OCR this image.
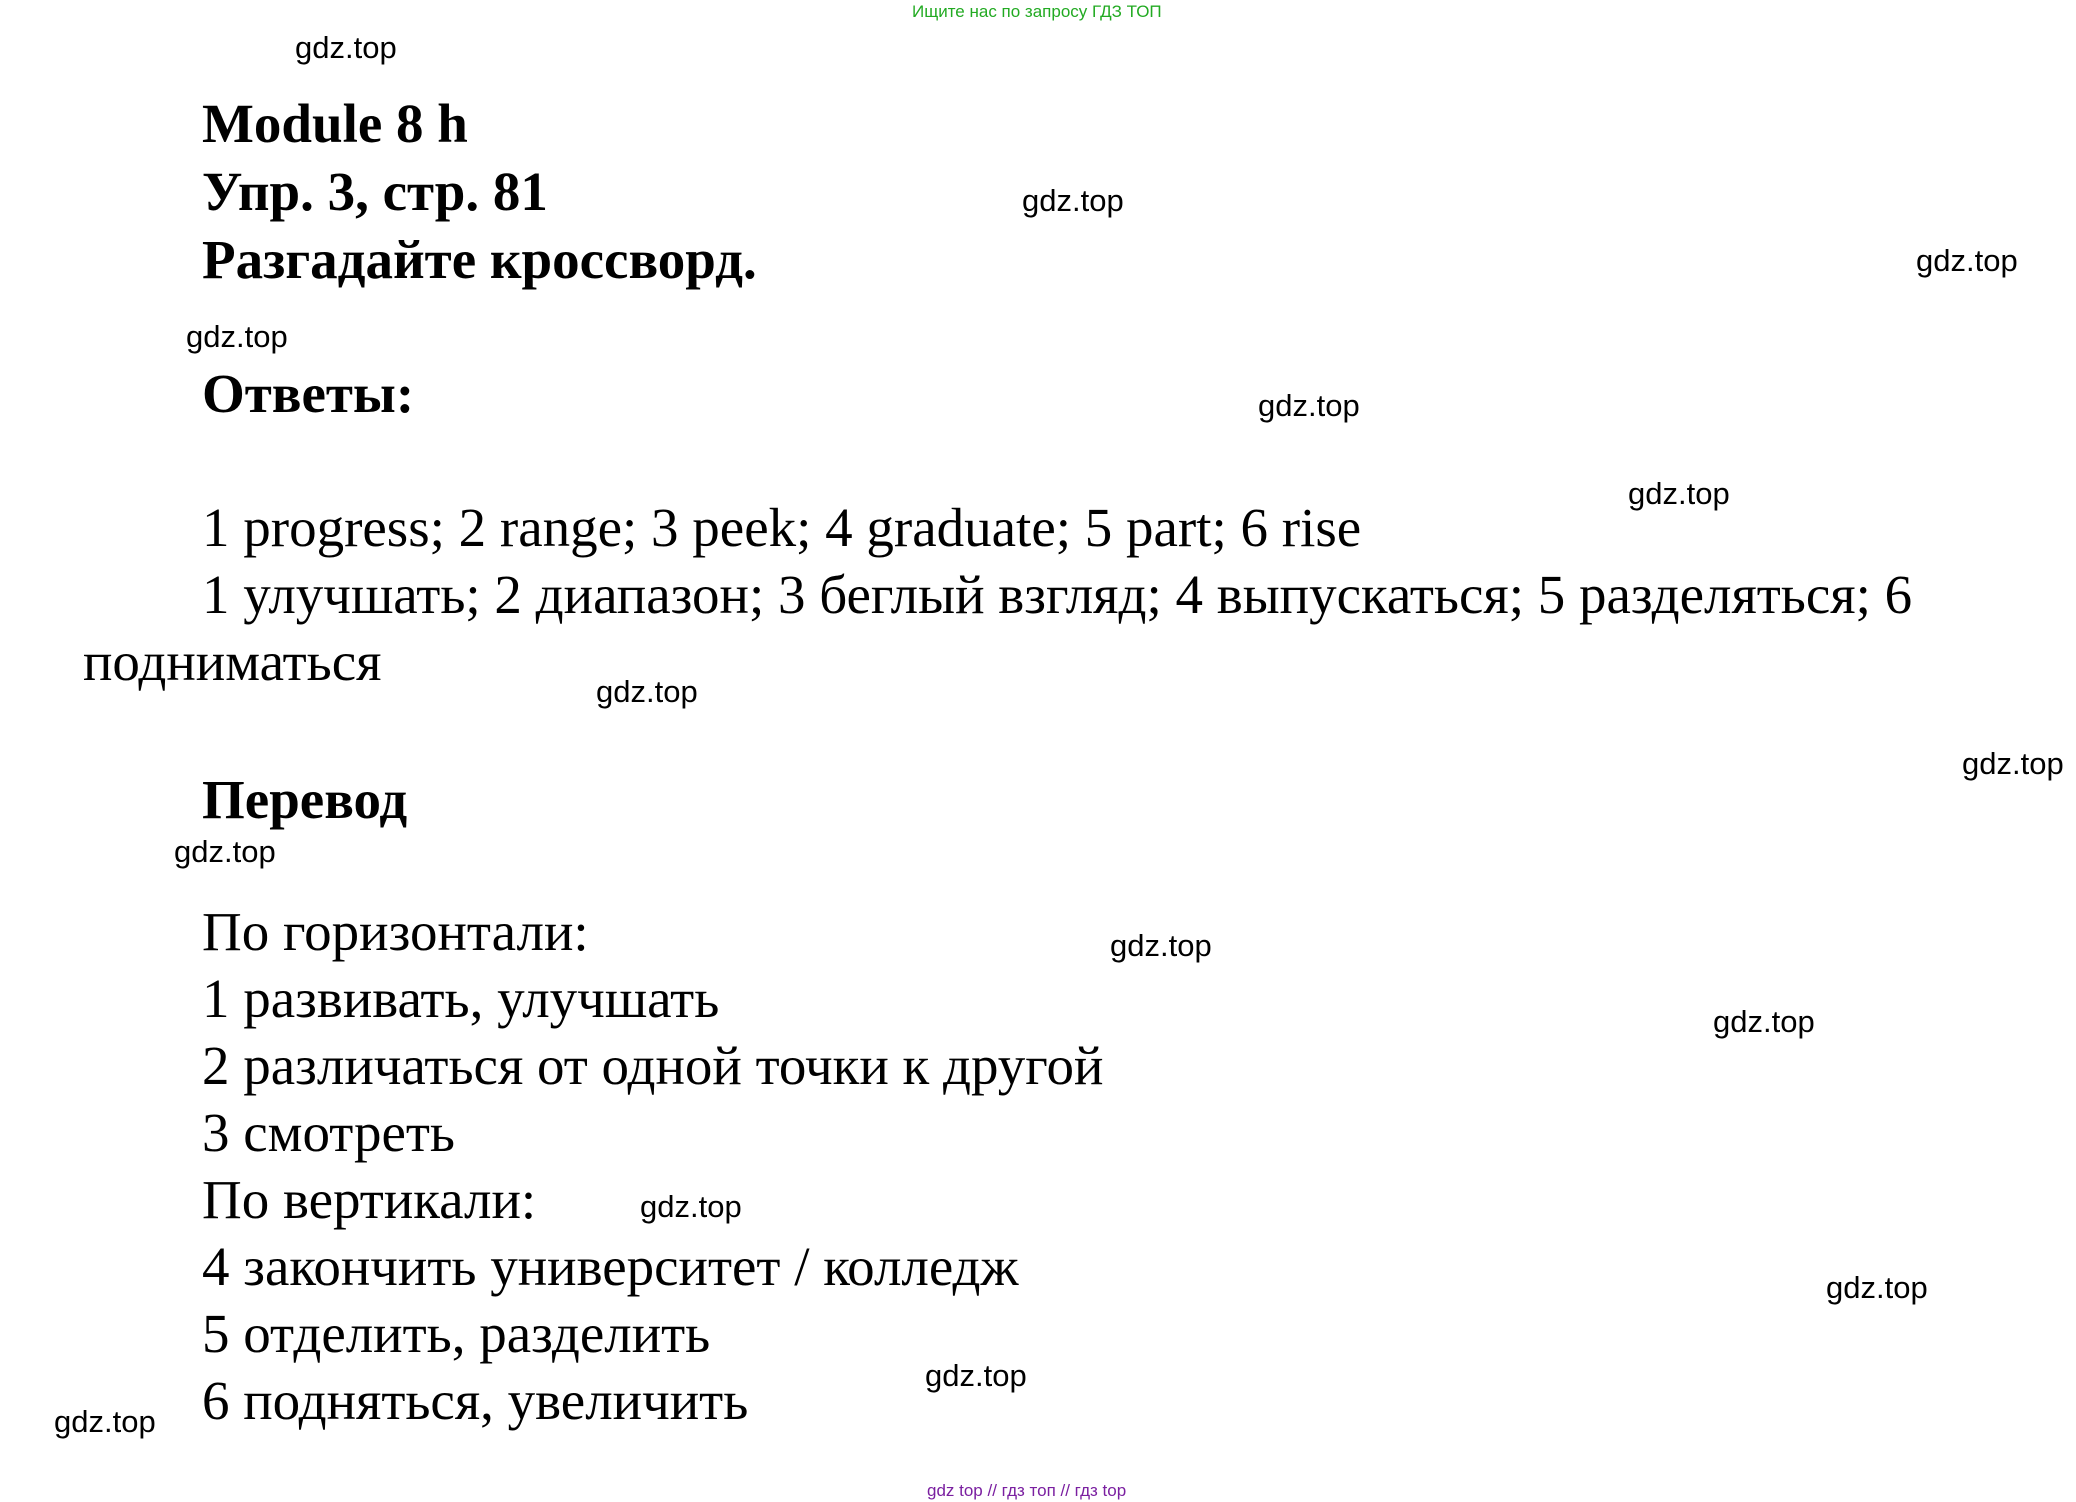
Ищите нас по запросу ГДЗ ТОП
Module 8 h
Упр. 3, стр. 81
Разгадайте кроссворд.
Ответы:
1 progress; 2 range; 3 peek; 4 graduate; 5 part; 6 rise
1 улучшать; 2 диапазон; 3 беглый взгляд; 4 выпускаться; 5 разделяться; 6
подниматься
Перевод
По горизонтали:
1 развивать, улучшать
2 различаться от одной точки к другой
3 смотреть
По вертикали:
4 закончить университет / колледж
5 отделить, разделить
6 подняться, увеличить
gdz.top
gdz.top
gdz.top
gdz.top
gdz.top
gdz.top
gdz.top
gdz.top
gdz.top
gdz.top
gdz.top
gdz.top
gdz.top
gdz.top
gdz.top
gdz top // гдз топ // гдз top
